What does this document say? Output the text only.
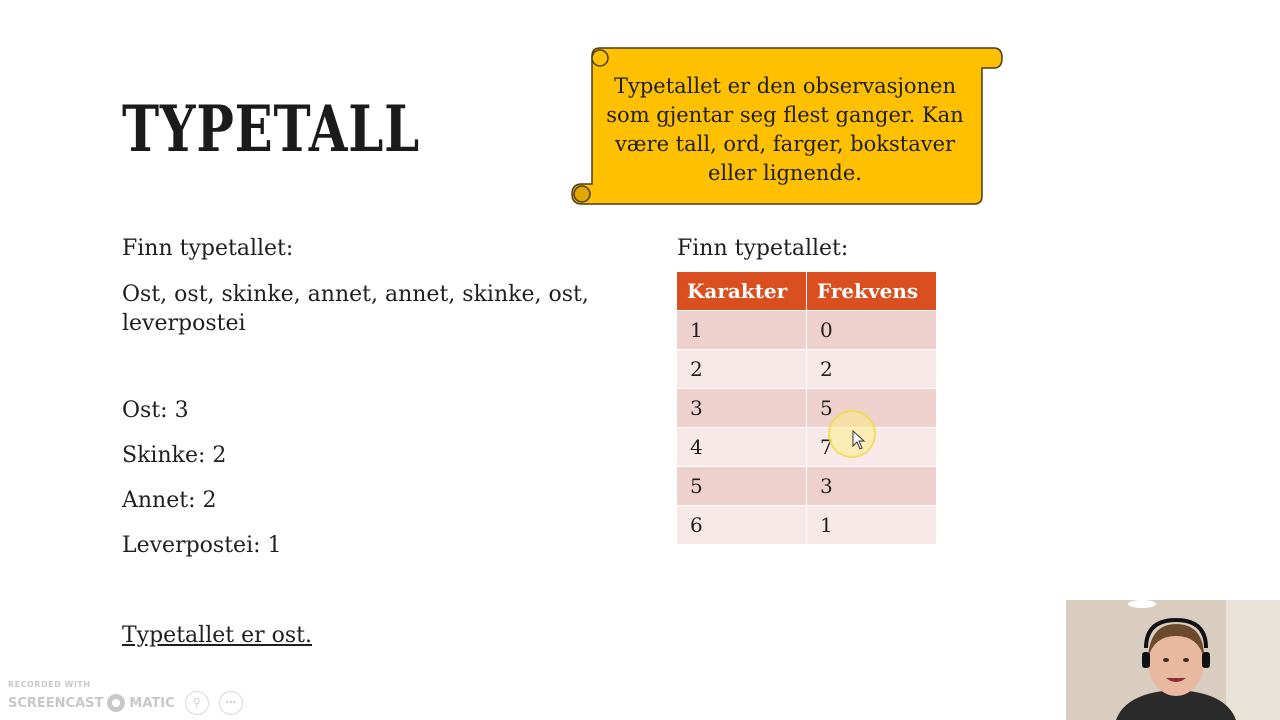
TYPETALL
Typetallet er den observasjonen som gjentar seg flest ganger. Kan være tall, ord, farger, bokstaver eller lignende.
Finn typetallet:
Ost, ost, skinke, annet, annet, skinke, ost, leverpostei
Ost: 3
Skinke: 2
Annet: 2
Leverpostei: 1
Typetallet er ost.
Finn typetallet:
Karakter	Frekvens
1	0
2	2
3	5
4	7
5	3
6	1
RECORDED WITH
SCREENCAST MATIC	⚲	⋯
